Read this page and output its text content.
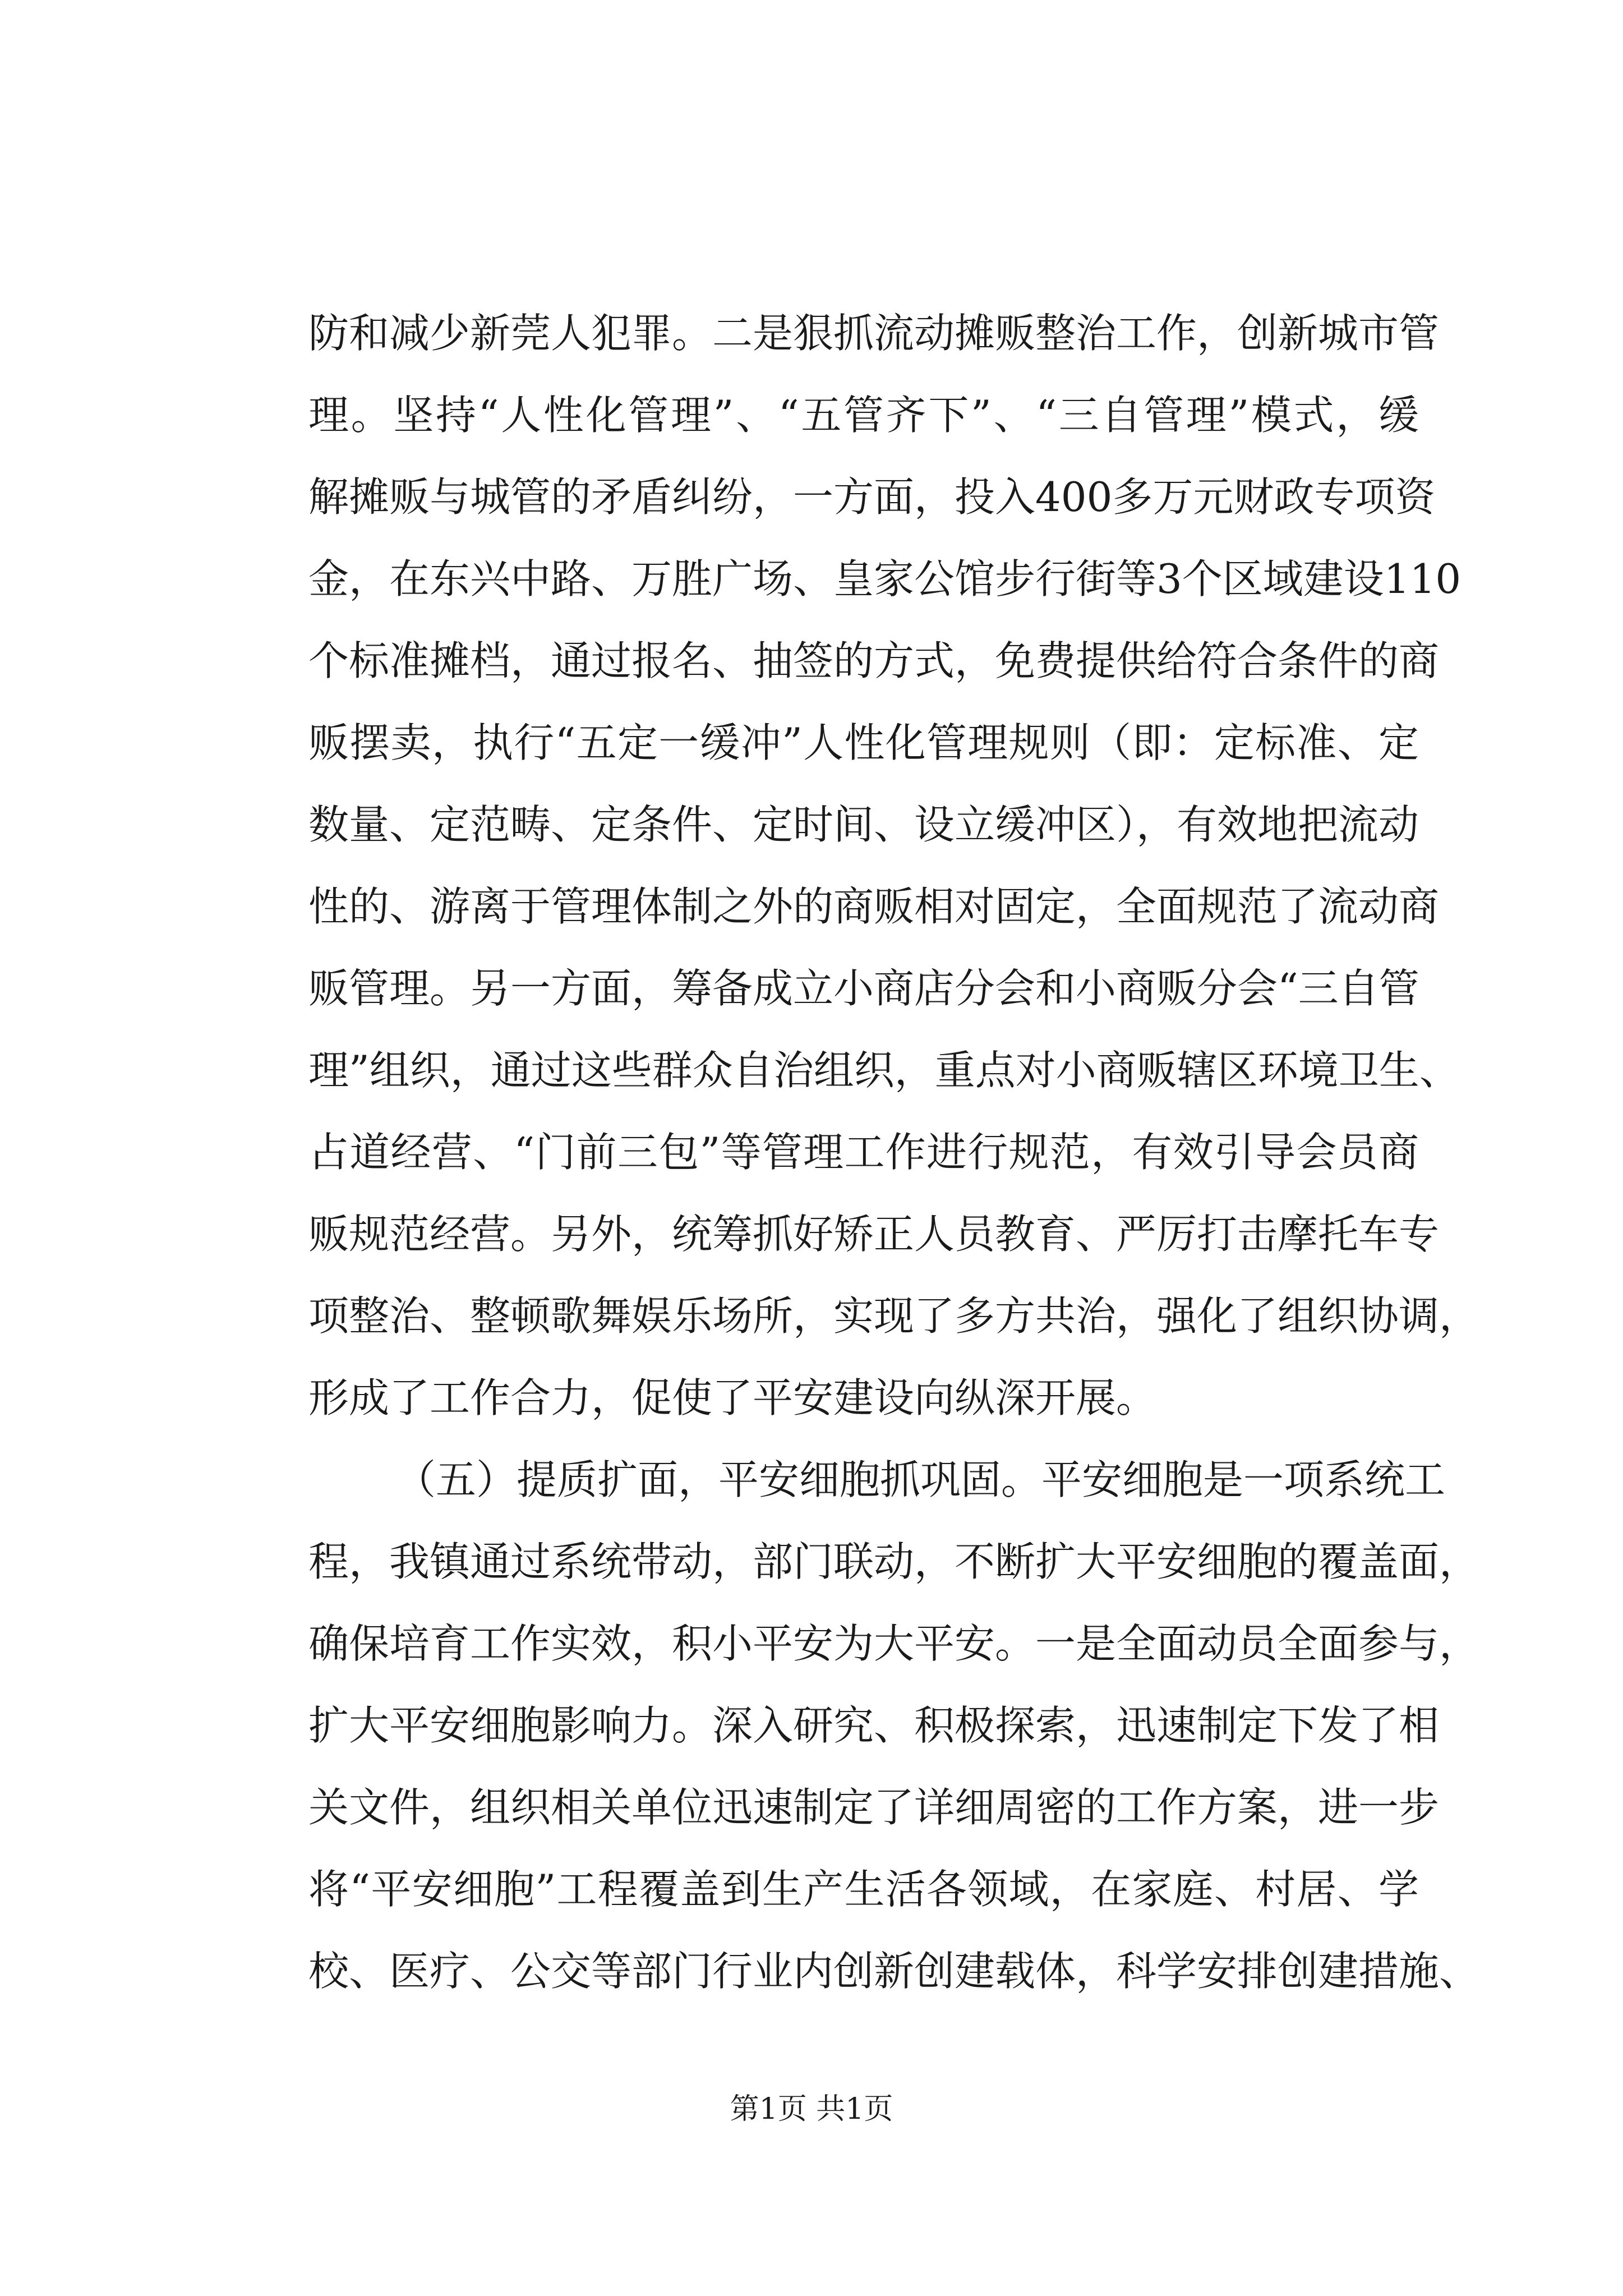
防和减少新莞人犯罪。二是狠抓流动摊贩整治工作，创新城市管
理。坚持“人性化管理”、“五管齐下”、“三自管理”模式，缓
解摊贩与城管的矛盾纠纷，一方面，投入400多万元财政专项资
金，在东兴中路、万胜广场、皇家公馆步行街等3个区域建设110
个标准摊档，通过报名、抽签的方式，免费提供给符合条件的商
贩摆卖，执行“五定一缓冲”人性化管理规则（即：定标准、定
数量、定范畴、定条件、定时间、设立缓冲区），有效地把流动
性的、游离于管理体制之外的商贩相对固定，全面规范了流动商
贩管理。另一方面，筹备成立小商店分会和小商贩分会“三自管
理”组织，通过这些群众自治组织，重点对小商贩辖区环境卫生、
占道经营、“门前三包”等管理工作进行规范，有效引导会员商
贩规范经营。另外，统筹抓好矫正人员教育、严厉打击摩托车专
项整治、整顿歌舞娱乐场所，实现了多方共治，强化了组织协调，
形成了工作合力，促使了平安建设向纵深开展。
（五）提质扩面，平安细胞抓巩固。平安细胞是一项系统工
程，我镇通过系统带动，部门联动，不断扩大平安细胞的覆盖面，
确保培育工作实效，积小平安为大平安。一是全面动员全面参与，
扩大平安细胞影响力。深入研究、积极探索，迅速制定下发了相
关文件，组织相关单位迅速制定了详细周密的工作方案，进一步
将“平安细胞”工程覆盖到生产生活各领域，在家庭、村居、学
校、医疗、公交等部门行业内创新创建载体，科学安排创建措施、
第1页 共1页
